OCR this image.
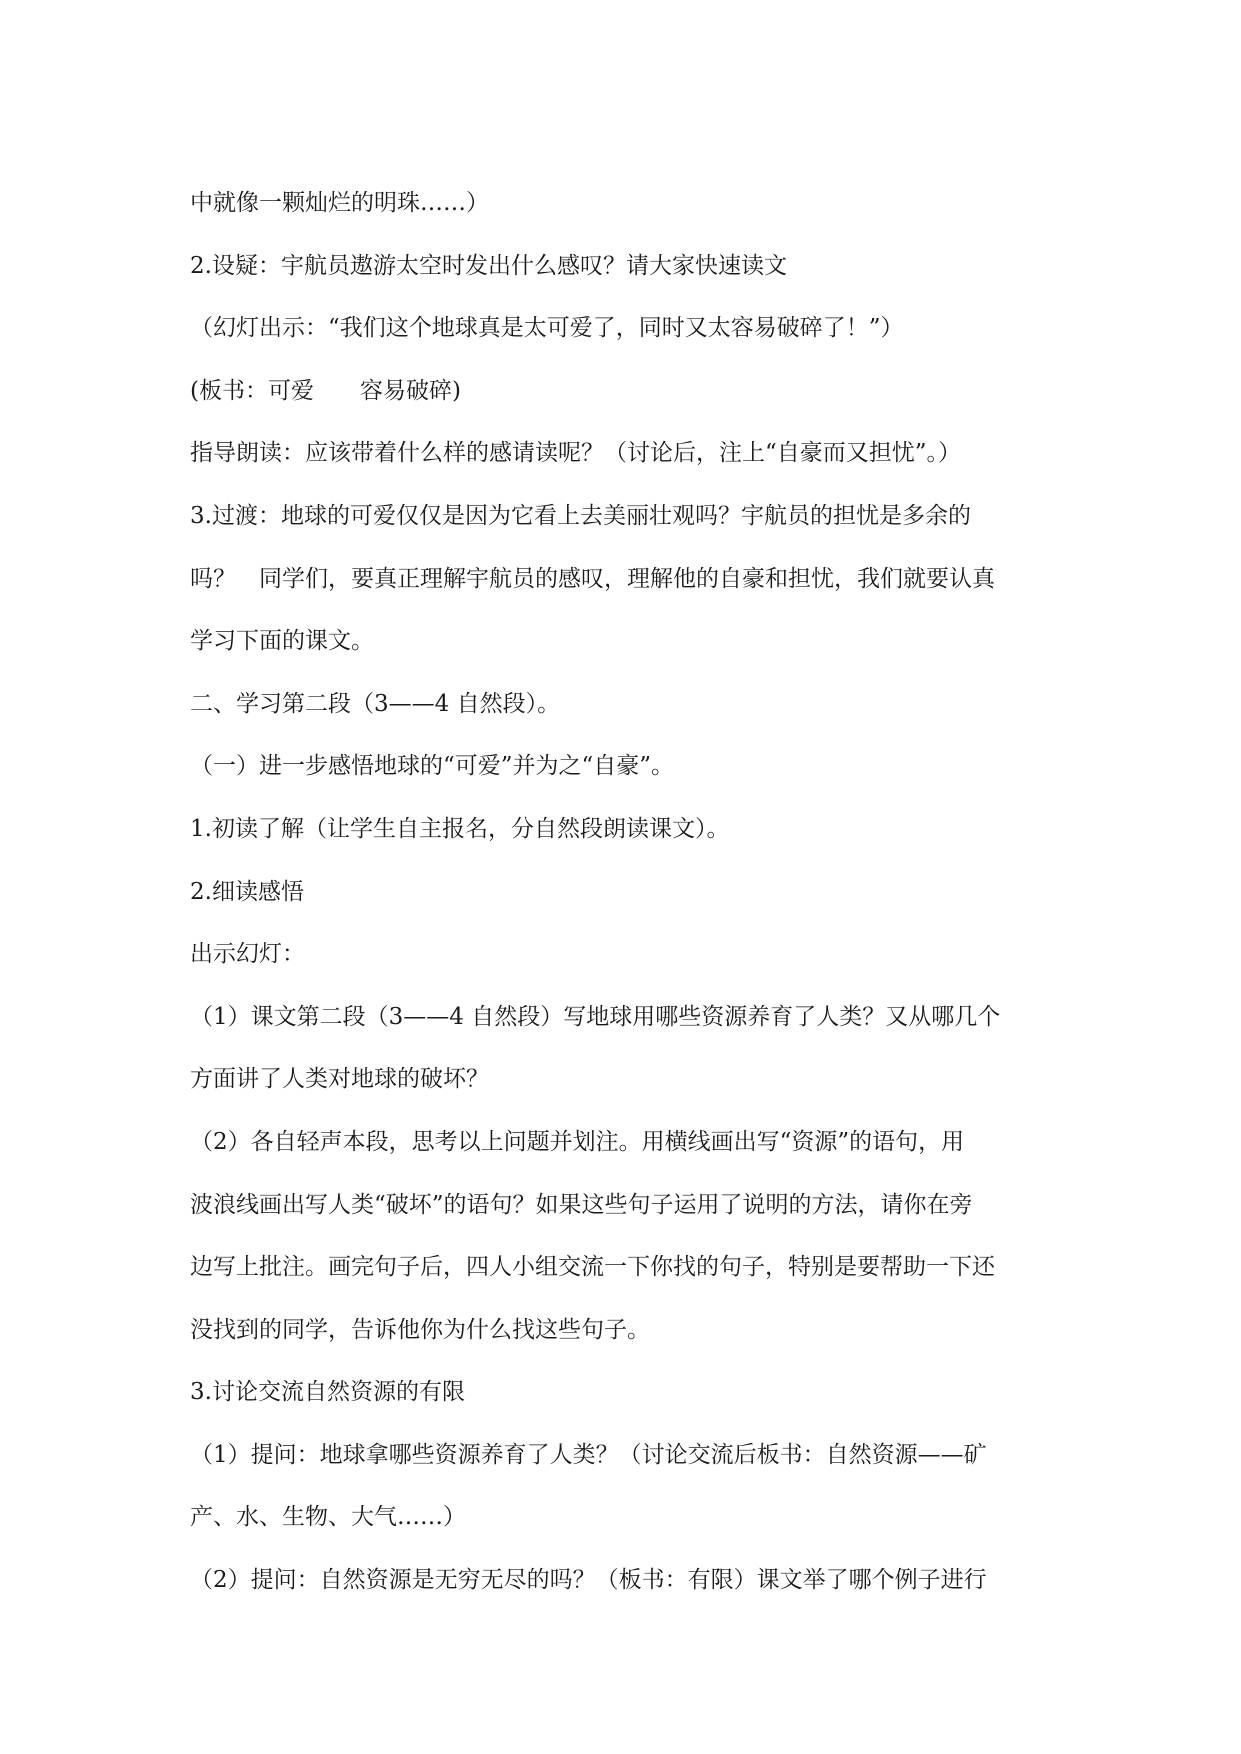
中就像一颗灿烂的明珠……）
2.设疑：宇航员遨游太空时发出什么感叹？请大家快速读文
（幻灯出示：“我们这个地球真是太可爱了，同时又太容易破碎了！”）
(板书：可爱　　容易破碎)
指导朗读：应该带着什么样的感请读呢？（讨论后，注上“自豪而又担忧”。）
3.过渡：地球的可爱仅仅是因为它看上去美丽壮观吗？宇航员的担忧是多余的
吗？　同学们，要真正理解宇航员的感叹，理解他的自豪和担忧，我们就要认真
学习下面的课文。
二、学习第二段（3——4 自然段）。
（一）进一步感悟地球的“可爱”并为之“自豪”。
1.初读了解（让学生自主报名，分自然段朗读课文）。
2.细读感悟
出示幻灯：
（1）课文第二段（3——4 自然段）写地球用哪些资源养育了人类？又从哪几个
方面讲了人类对地球的破坏？
（2）各自轻声本段，思考以上问题并划注。用横线画出写“资源”的语句，用
波浪线画出写人类“破坏”的语句？如果这些句子运用了说明的方法，请你在旁
边写上批注。画完句子后，四人小组交流一下你找的句子，特别是要帮助一下还
没找到的同学，告诉他你为什么找这些句子。
3.讨论交流自然资源的有限
（1）提问：地球拿哪些资源养育了人类？（讨论交流后板书：自然资源——矿
产、水、生物、大气……）
（2）提问：自然资源是无穷无尽的吗？（板书：有限）课文举了哪个例子进行
